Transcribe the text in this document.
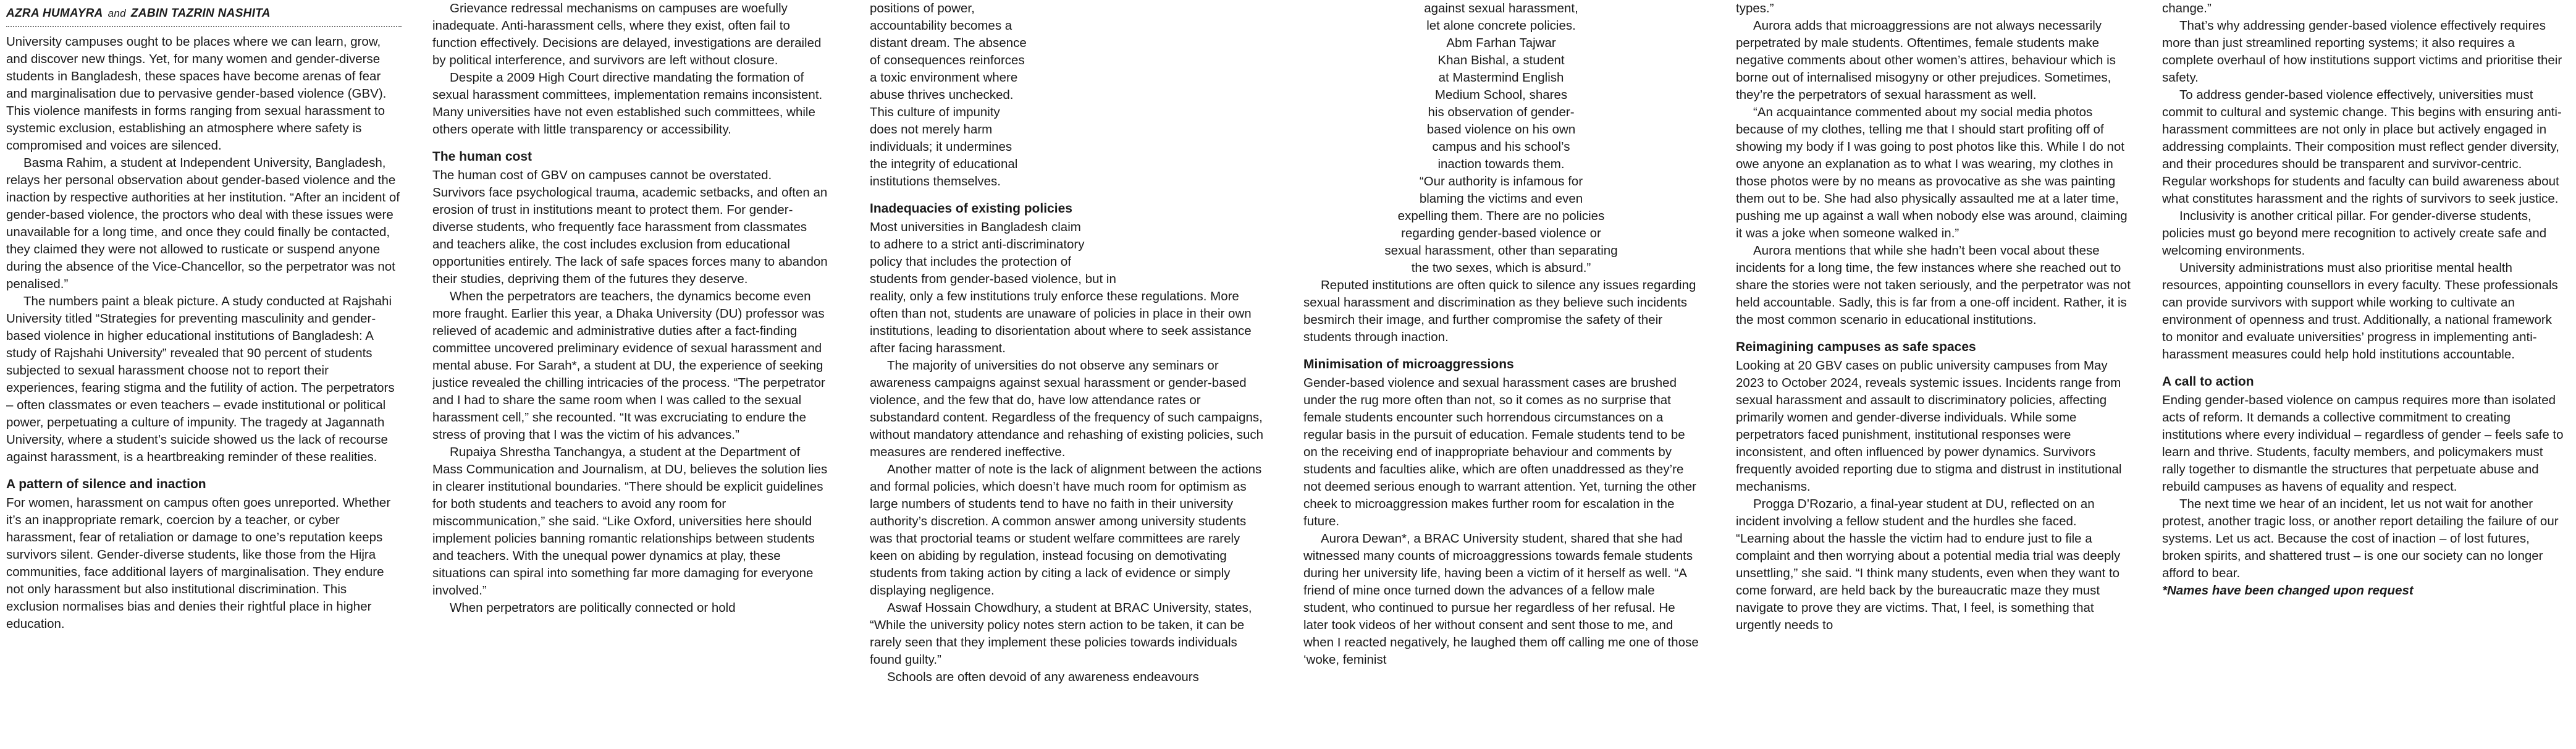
AZRA HUMAYRA and ZABIN TAZRIN NASHITA

University campuses ought to be places where we can learn, grow, and discover new things. Yet, for many women and gender-diverse students in Bangladesh, these spaces have become arenas of fear and marginalisation due to pervasive gender-based violence (GBV). This violence manifests in forms ranging from sexual harassment to systemic exclusion, establishing an atmosphere where safety is compromised and voices are silenced.

Basma Rahim, a student at Independent University, Bangladesh, relays her personal observation about gender-based violence and the inaction by respective authorities at her institution. “After an incident of gender-based violence, the proctors who deal with these issues were unavailable for a long time, and once they could finally be contacted, they claimed they were not allowed to rusticate or suspend anyone during the absence of the Vice-Chancellor, so the perpetrator was not penalised.”

The numbers paint a bleak picture. A study conducted at Rajshahi University titled “Strategies for preventing masculinity and gender-based violence in higher educational institutions of Bangladesh: A study of Rajshahi University” revealed that 90 percent of students subjected to sexual harassment choose not to report their experiences, fearing stigma and the futility of action. The perpetrators – often classmates or even teachers – evade institutional or political power, perpetuating a culture of impunity. The tragedy at Jagannath University, where a student’s suicide showed us the lack of recourse against harassment, is a heartbreaking reminder of these realities.

A pattern of silence and inaction

For women, harassment on campus often goes unreported. Whether it’s an inappropriate remark, coercion by a teacher, or cyber harassment, fear of retaliation or damage to one’s reputation keeps survivors silent. Gender-diverse students, like those from the Hijra communities, face additional layers of marginalisation. They endure not only harassment but also institutional discrimination. This exclusion normalises bias and denies their rightful place in higher education.

Grievance redressal mechanisms on campuses are woefully inadequate. Anti-harassment cells, where they exist, often fail to function effectively. Decisions are delayed, investigations are derailed by political interference, and survivors are left without closure.

Despite a 2009 High Court directive mandating the formation of sexual harassment committees, implementation remains inconsistent. Many universities have not even established such committees, while others operate with little transparency or accessibility.

The human cost

The human cost of GBV on campuses cannot be overstated. Survivors face psychological trauma, academic setbacks, and often an erosion of trust in institutions meant to protect them. For gender-diverse students, who frequently face harassment from classmates and teachers alike, the cost includes exclusion from educational opportunities entirely. The lack of safe spaces forces many to abandon their studies, depriving them of the futures they deserve.

When the perpetrators are teachers, the dynamics become even more fraught. Earlier this year, a Dhaka University (DU) professor was relieved of academic and administrative duties after a fact-finding committee uncovered preliminary evidence of sexual harassment and mental abuse. For Sarah*, a student at DU, the experience of seeking justice revealed the chilling intricacies of the process. “The perpetrator and I had to share the same room when I was called to the sexual harassment cell,” she recounted. “It was excruciating to endure the stress of proving that I was the victim of his advances.”

Rupaiya Shrestha Tanchangya, a student at the Department of Mass Communication and Journalism, at DU, believes the solution lies in clearer institutional boundaries. “There should be explicit guidelines for both students and teachers to avoid any room for miscommunication,” she said. “Like Oxford, universities here should implement policies banning romantic relationships between students and teachers. With the unequal power dynamics at play, these situations can spiral into something far more damaging for everyone involved.”

When perpetrators are politically connected or hold

positions of power,

accountability becomes a

distant dream. The absence

of consequences reinforces

a toxic environment where

abuse thrives unchecked.

This culture of impunity

does not merely harm

individuals; it undermines

the integrity of educational

institutions themselves.

Inadequacies of existing policies

Most universities in Bangladesh claim

to adhere to a strict anti-discriminatory

policy that includes the protection of

students from gender-based violence, but in

reality, only a few institutions truly enforce these regulations. More often than not, students are unaware of policies in place in their own institutions, leading to disorientation about where to seek assistance after facing harassment.

The majority of universities do not observe any seminars or awareness campaigns against sexual harassment or gender-based violence, and the few that do, have low attendance rates or substandard content. Regardless of the frequency of such campaigns, without mandatory attendance and rehashing of existing policies, such measures are rendered ineffective.

Another matter of note is the lack of alignment between the actions and formal policies, which doesn’t have much room for optimism as large numbers of students tend to have no faith in their university authority’s discretion. A common answer among university students was that proctorial teams or student welfare committees are rarely keen on abiding by regulation, instead focusing on demotivating students from taking action by citing a lack of evidence or simply displaying negligence.

Aswaf Hossain Chowdhury, a student at BRAC University, states, “While the university policy notes stern action to be taken, it can be rarely seen that they implement these policies towards individuals found guilty.”

Schools are often devoid of any awareness endeavours

against sexual harassment,

let alone concrete policies.

Abm Farhan Tajwar

Khan Bishal, a student

at Mastermind English

Medium School, shares

his observation of gender-

based violence on his own

campus and his school’s

inaction towards them.

“Our authority is infamous for

blaming the victims and even

expelling them. There are no policies

regarding gender-based violence or

sexual harassment, other than separating

the two sexes, which is absurd.”

Reputed institutions are often quick to silence any issues regarding sexual harassment and discrimination as they believe such incidents besmirch their image, and further compromise the safety of their students through inaction.

Minimisation of microaggressions

Gender-based violence and sexual harassment cases are brushed under the rug more often than not, so it comes as no surprise that female students encounter such horrendous circumstances on a regular basis in the pursuit of education. Female students tend to be on the receiving end of inappropriate behaviour and comments by students and faculties alike, which are often unaddressed as they’re not deemed serious enough to warrant attention. Yet, turning the other cheek to microaggression makes further room for escalation in the future.

Aurora Dewan*, a BRAC University student, shared that she had witnessed many counts of microaggressions towards female students during her university life, having been a victim of it herself as well. “A friend of mine once turned down the advances of a fellow male student, who continued to pursue her regardless of her refusal. He later took videos of her without consent and sent those to me, and when I reacted negatively, he laughed them off calling me one of those ‘woke, feminist

types.”

Aurora adds that microaggressions are not always necessarily perpetrated by male students. Oftentimes, female students make negative comments about other women’s attires, behaviour which is borne out of internalised misogyny or other prejudices. Sometimes, they’re the perpetrators of sexual harassment as well.

“An acquaintance commented about my social media photos because of my clothes, telling me that I should start profiting off of showing my body if I was going to post photos like this. While I do not owe anyone an explanation as to what I was wearing, my clothes in those photos were by no means as provocative as she was painting them out to be. She had also physically assaulted me at a later time, pushing me up against a wall when nobody else was around, claiming it was a joke when someone walked in.”

Aurora mentions that while she hadn’t been vocal about these incidents for a long time, the few instances where she reached out to share the stories were not taken seriously, and the perpetrator was not held accountable. Sadly, this is far from a one-off incident. Rather, it is the most common scenario in educational institutions.

Reimagining campuses as safe spaces

Looking at 20 GBV cases on public university campuses from May 2023 to October 2024, reveals systemic issues. Incidents range from sexual harassment and assault to discriminatory policies, affecting primarily women and gender-diverse individuals. While some perpetrators faced punishment, institutional responses were inconsistent, and often influenced by power dynamics. Survivors frequently avoided reporting due to stigma and distrust in institutional mechanisms.

Progga D’Rozario, a final-year student at DU, reflected on an incident involving a fellow student and the hurdles she faced. “Learning about the hassle the victim had to endure just to file a complaint and then worrying about a potential media trial was deeply unsettling,” she said. “I think many students, even when they want to come forward, are held back by the bureaucratic maze they must navigate to prove they are victims. That, I feel, is something that urgently needs to

change.”

That’s why addressing gender-based violence effectively requires more than just streamlined reporting systems; it also requires a complete overhaul of how institutions support victims and prioritise their safety.

To address gender-based violence effectively, universities must commit to cultural and systemic change. This begins with ensuring anti-harassment committees are not only in place but actively engaged in addressing complaints. Their composition must reflect gender diversity, and their procedures should be transparent and survivor-centric. Regular workshops for students and faculty can build awareness about what constitutes harassment and the rights of survivors to seek justice.

Inclusivity is another critical pillar. For gender-diverse students, policies must go beyond mere recognition to actively create safe and welcoming environments.

University administrations must also prioritise mental health resources, appointing counsellors in every faculty. These professionals can provide survivors with support while working to cultivate an environment of openness and trust. Additionally, a national framework to monitor and evaluate universities’ progress in implementing anti-harassment measures could help hold institutions accountable.

A call to action

Ending gender-based violence on campus requires more than isolated acts of reform. It demands a collective commitment to creating institutions where every individual – regardless of gender – feels safe to learn and thrive. Students, faculty members, and policymakers must rally together to dismantle the structures that perpetuate abuse and rebuild campuses as havens of equality and respect.

The next time we hear of an incident, let us not wait for another protest, another tragic loss, or another report detailing the failure of our systems. Let us act. Because the cost of inaction – of lost futures, broken spirits, and shattered trust – is one our society can no longer afford to bear.

*Names have been changed upon request
